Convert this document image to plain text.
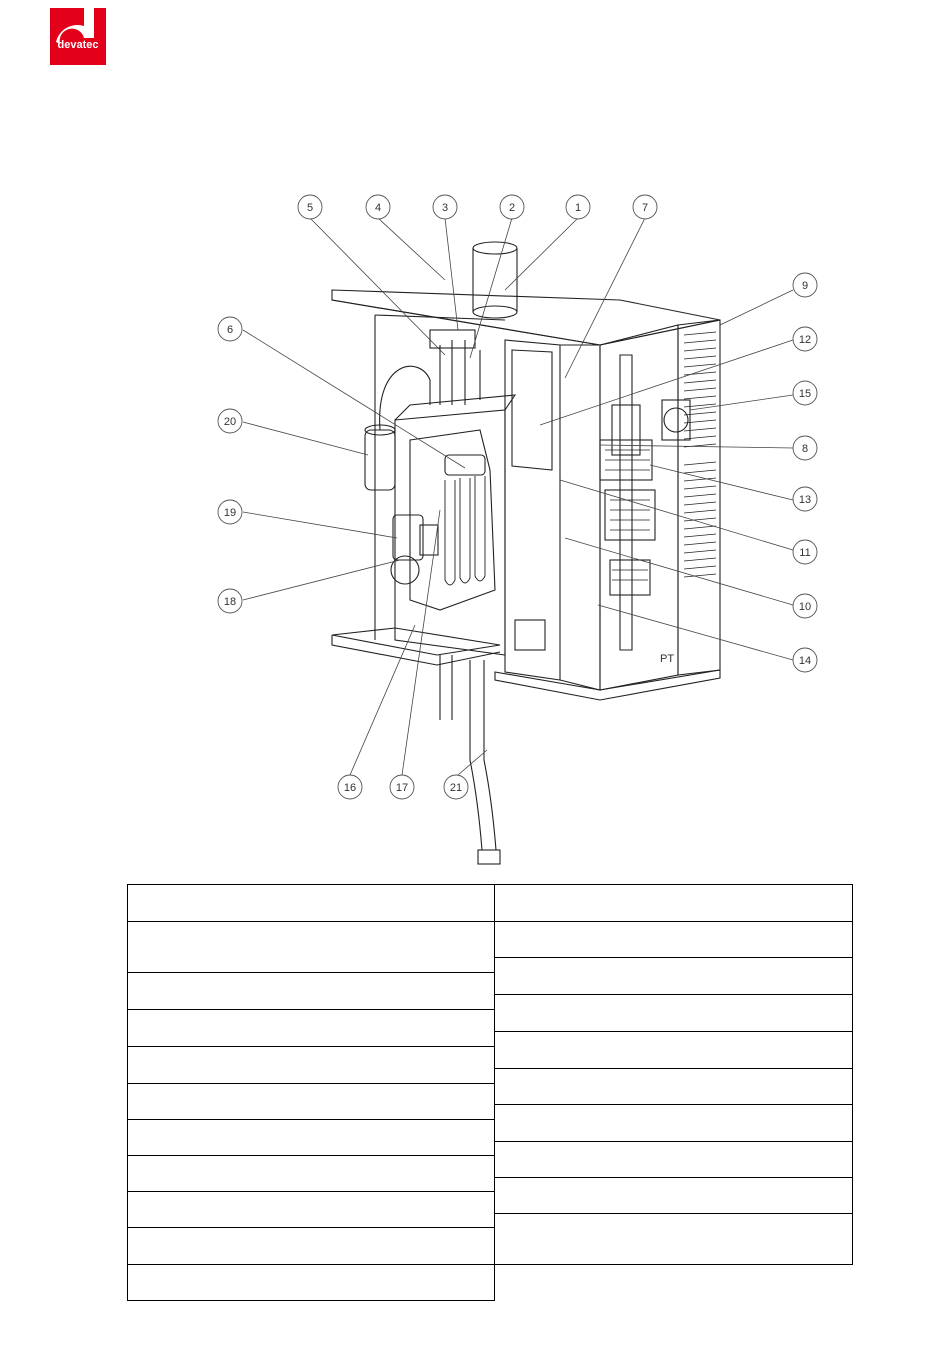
devatec
PT
1
2
3
4
5
6
7
8
9
10
11
12
13
14
15
16	17
18
19
20
21
